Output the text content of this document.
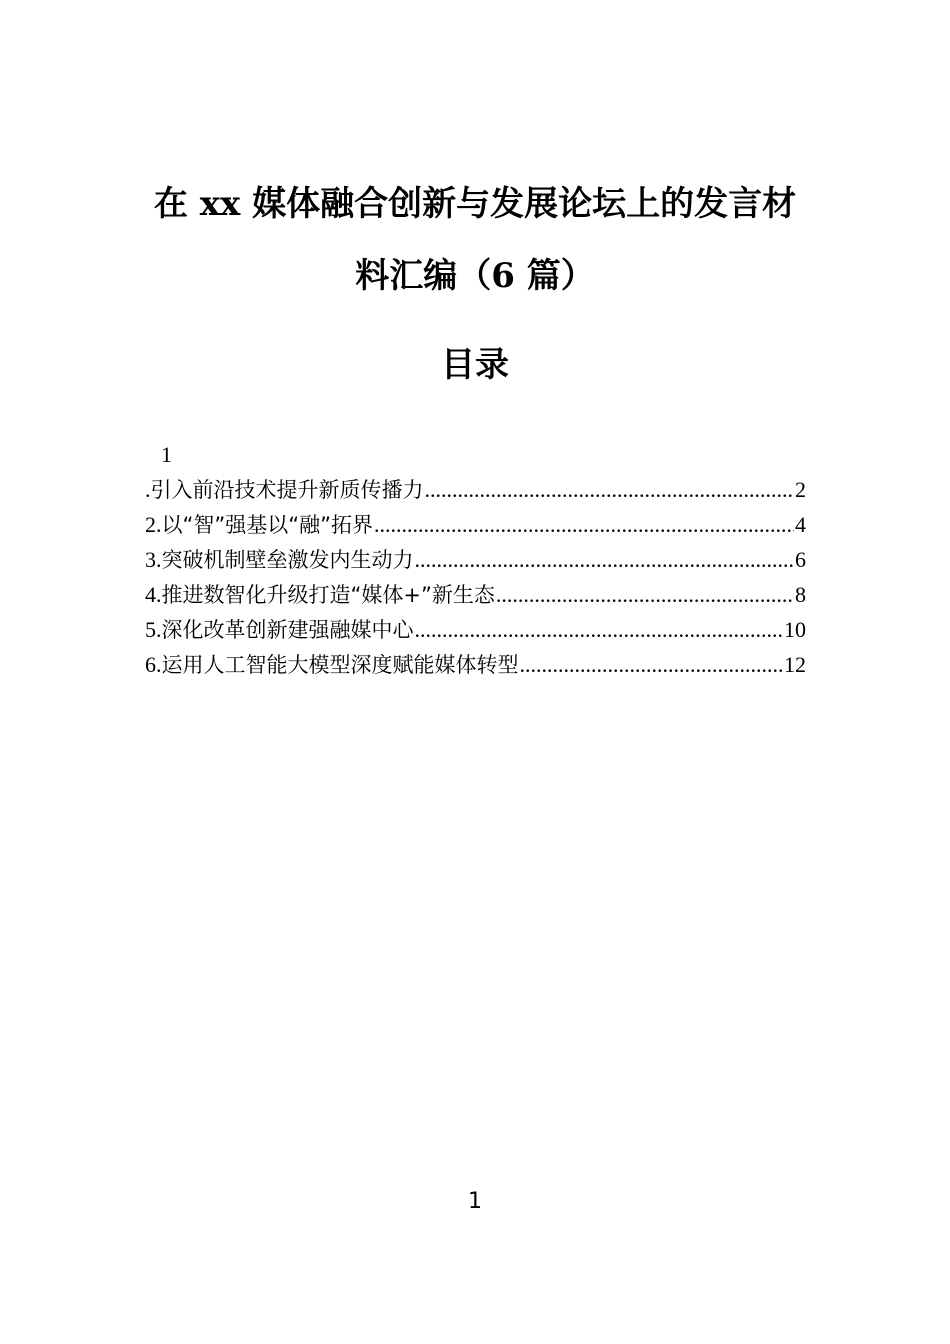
在 xx 媒体融合创新与发展论坛上的发言材
料汇编（6 篇）
目录
1
. 引入前沿技术提升新质传播力 .....	2
2. 以“智”强基以“融”拓界 .....	4
3. 突破机制壁垒激发内生动力 .....	6
4. 推进数智化升级打造“媒体+”新生态 .....	8
5. 深化改革创新建强融媒中心 .....	10
6. 运用人工智能大模型深度赋能媒体转型 .....	12
1
